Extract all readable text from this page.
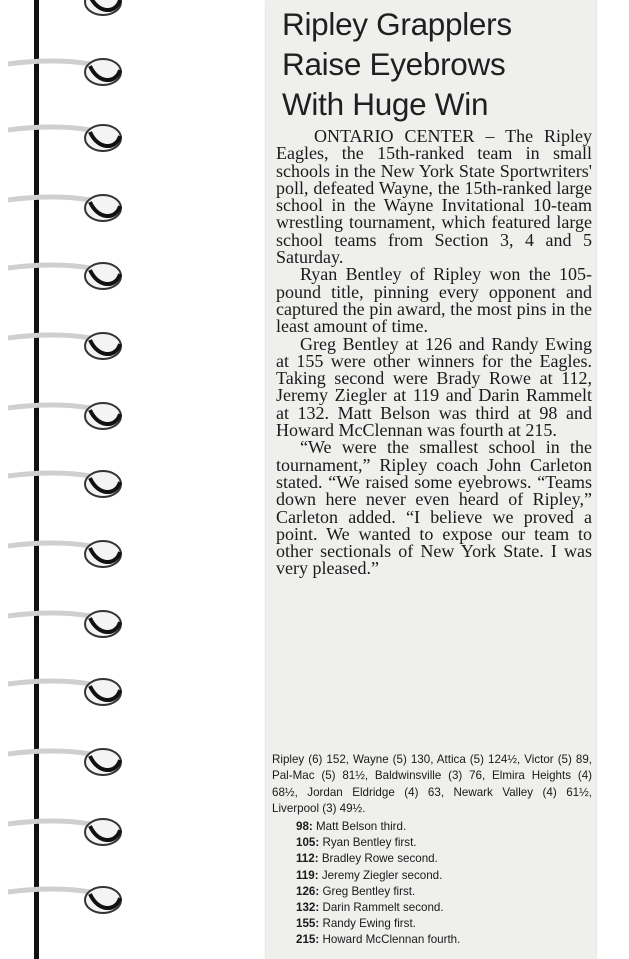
Ripley Grapplers
Raise Eyebrows
With Huge Win

ONTARIO CENTER – The Ripley Eagles, the 15th-ranked team in small schools in the New York State Sportwriters' poll, defeated Wayne, the 15th-ranked large school in the Wayne Invitational 10-team wrestling tournament, which featured large school teams from Section 3, 4 and 5 Saturday.

Ryan Bentley of Ripley won the 105-pound title, pinning every opponent and captured the pin award, the most pins in the least amount of time.

Greg Bentley at 126 and Randy Ewing at 155 were other winners for the Eagles. Taking second were Brady Rowe at 112, Jeremy Ziegler at 119 and Darin Rammelt at 132. Matt Belson was third at 98 and Howard McClennan was fourth at 215.

“We were the smallest school in the tournament,” Ripley coach John Carleton stated. “We raised some eyebrows. “Teams down here never even heard of Ripley,” Carleton added. “I believe we proved a point. We wanted to expose our team to other sectionals of New York State. I was very pleased.”

Ripley (6) 152, Wayne (5) 130, Attica (5) 124½, Victor (5) 89, Pal-Mac (5) 81½, Baldwinsville (3) 76, Elmira Heights (4) 68½, Jordan Eldridge (4) 63, Newark Valley (4) 61½, Liverpool (3) 49½.
98: Matt Belson third.
105: Ryan Bentley first.
112: Bradley Rowe second.
119: Jeremy Ziegler second.
126: Greg Bentley first.
132: Darin Rammelt second.
155: Randy Ewing first.
215: Howard McClennan fourth.
